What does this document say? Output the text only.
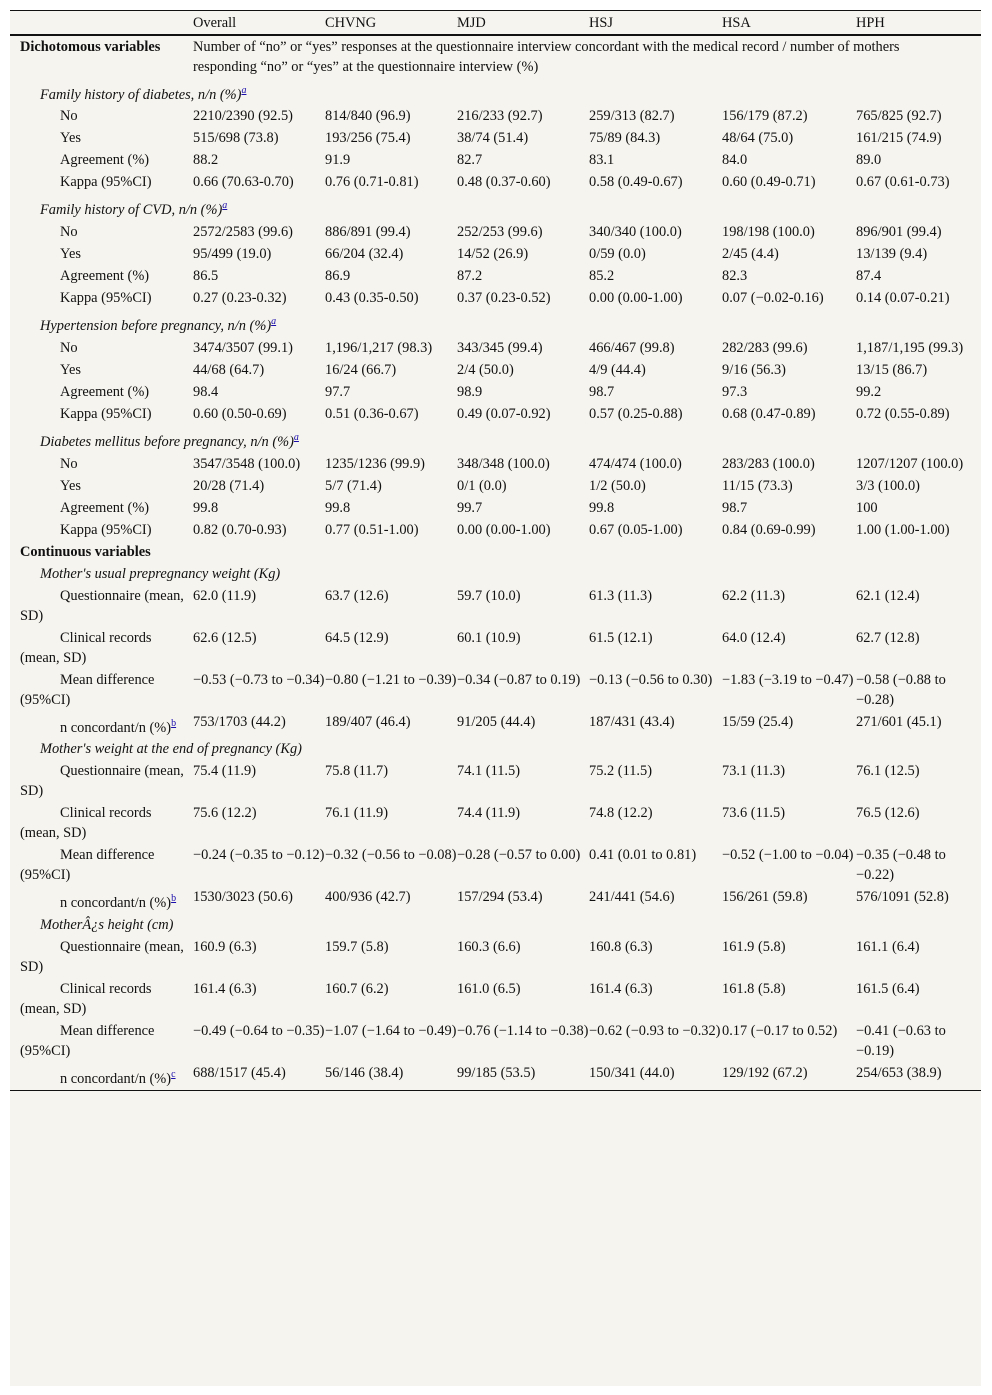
	Overall	CHVNG	MJD	HSJ	HSA	HPH
Dichotomous variables	Number of “no” or “yes” responses at the questionnaire interview concordant with the medical record / number of mothers responding “no” or “yes” at the questionnaire interview (%)					
Family history of diabetes, n/n (%)$^a$
No	2210/2390 (92.5)	814/840 (96.9)	216/233 (92.7)	259/313 (82.7)	156/179 (87.2)	765/825 (92.7)
Yes	515/698 (73.8)	193/256 (75.4)	38/74 (51.4)	75/89 (84.3)	48/64 (75.0)	161/215 (74.9)
Agreement (%)	88.2	91.9	82.7	83.1	84.0	89.0
Kappa (95%CI)	0.66 (70.63-0.70)	0.76 (0.71-0.81)	0.48 (0.37-0.60)	0.58 (0.49-0.67)	0.60 (0.49-0.71)	0.67 (0.61-0.73)
Family history of CVD, n/n (%)$^a$
No	2572/2583 (99.6)	886/891 (99.4)	252/253 (99.6)	340/340 (100.0)	198/198 (100.0)	896/901 (99.4)
Yes	95/499 (19.0)	66/204 (32.4)	14/52 (26.9)	0/59 (0.0)	2/45 (4.4)	13/139 (9.4)
Agreement (%)	86.5	86.9	87.2	85.2	82.3	87.4
Kappa (95%CI)	0.27 (0.23-0.32)	0.43 (0.35-0.50)	0.37 (0.23-0.52)	0.00 (0.00-1.00)	0.07 (−0.02-0.16)	0.14 (0.07-0.21)
Hypertension before pregnancy, n/n (%)$^a$
No	3474/3507 (99.1)	1,196/1,217 (98.3)	343/345 (99.4)	466/467 (99.8)	282/283 (99.6)	1,187/1,195 (99.3)
Yes	44/68 (64.7)	16/24 (66.7)	2/4 (50.0)	4/9 (44.4)	9/16 (56.3)	13/15 (86.7)
Agreement (%)	98.4	97.7	98.9	98.7	97.3	99.2
Kappa (95%CI)	0.60 (0.50-0.69)	0.51 (0.36-0.67)	0.49 (0.07-0.92)	0.57 (0.25-0.88)	0.68 (0.47-0.89)	0.72 (0.55-0.89)
Diabetes mellitus before pregnancy, n/n (%)$^a$
No	3547/3548 (100.0)	1235/1236 (99.9)	348/348 (100.0)	474/474 (100.0)	283/283 (100.0)	1207/1207 (100.0)
Yes	20/28 (71.4)	5/7 (71.4)	0/1 (0.0)	1/2 (50.0)	11/15 (73.3)	3/3 (100.0)
Agreement (%)	99.8	99.8	99.7	99.8	98.7	100
Kappa (95%CI)	0.82 (0.70-0.93)	0.77 (0.51-1.00)	0.00 (0.00-1.00)	0.67 (0.05-1.00)	0.84 (0.69-0.99)	1.00 (1.00-1.00)
Continuous variables						
Mother's usual prepregnancy weight (Kg)						
Questionnaire (mean, SD)	62.0 (11.9)	63.7 (12.6)	59.7 (10.0)	61.3 (11.3)	62.2 (11.3)	62.1 (12.4)
Clinical records (mean, SD)	62.6 (12.5)	64.5 (12.9)	60.1 (10.9)	61.5 (12.1)	64.0 (12.4)	62.7 (12.8)
Mean difference (95%CI)	−0.53 (−0.73 to −0.34)	−0.80 (−1.21 to −0.39)	−0.34 (−0.87 to 0.19)	−0.13 (−0.56 to 0.30)	−1.83 (−3.19 to −0.47)	−0.58 (−0.88 to −0.28)
n concordant/n (%)$^b$	753/1703 (44.2)	189/407 (46.4)	91/205 (44.4)	187/431 (43.4)	15/59 (25.4)	271/601 (45.1)
Mother's weight at the end of pregnancy (Kg)						
Questionnaire (mean, SD)	75.4 (11.9)	75.8 (11.7)	74.1 (11.5)	75.2 (11.5)	73.1 (11.3)	76.1 (12.5)
Clinical records (mean, SD)	75.6 (12.2)	76.1 (11.9)	74.4 (11.9)	74.8 (12.2)	73.6 (11.5)	76.5 (12.6)
Mean difference (95%CI)	−0.24 (−0.35 to −0.12)	−0.32 (−0.56 to −0.08)	−0.28 (−0.57 to 0.00)	0.41 (0.01 to 0.81)	−0.52 (−1.00 to −0.04)	−0.35 (−0.48 to −0.22)
n concordant/n (%)$^b$	1530/3023 (50.6)	400/936 (42.7)	157/294 (53.4)	241/441 (54.6)	156/261 (59.8)	576/1091 (52.8)
MotherÂ¿s height (cm)						
Questionnaire (mean, SD)	160.9 (6.3)	159.7 (5.8)	160.3 (6.6)	160.8 (6.3)	161.9 (5.8)	161.1 (6.4)
Clinical records (mean, SD)	161.4 (6.3)	160.7 (6.2)	161.0 (6.5)	161.4 (6.3)	161.8 (5.8)	161.5 (6.4)
Mean difference (95%CI)	−0.49 (−0.64 to −0.35)	−1.07 (−1.64 to −0.49)	−0.76 (−1.14 to −0.38)	−0.62 (−0.93 to −0.32)	0.17 (−0.17 to 0.52)	−0.41 (−0.63 to −0.19)
n concordant/n (%)$^c$	688/1517 (45.4)	56/146 (38.4)	99/185 (53.5)	150/341 (44.0)	129/192 (67.2)	254/653 (38.9)
